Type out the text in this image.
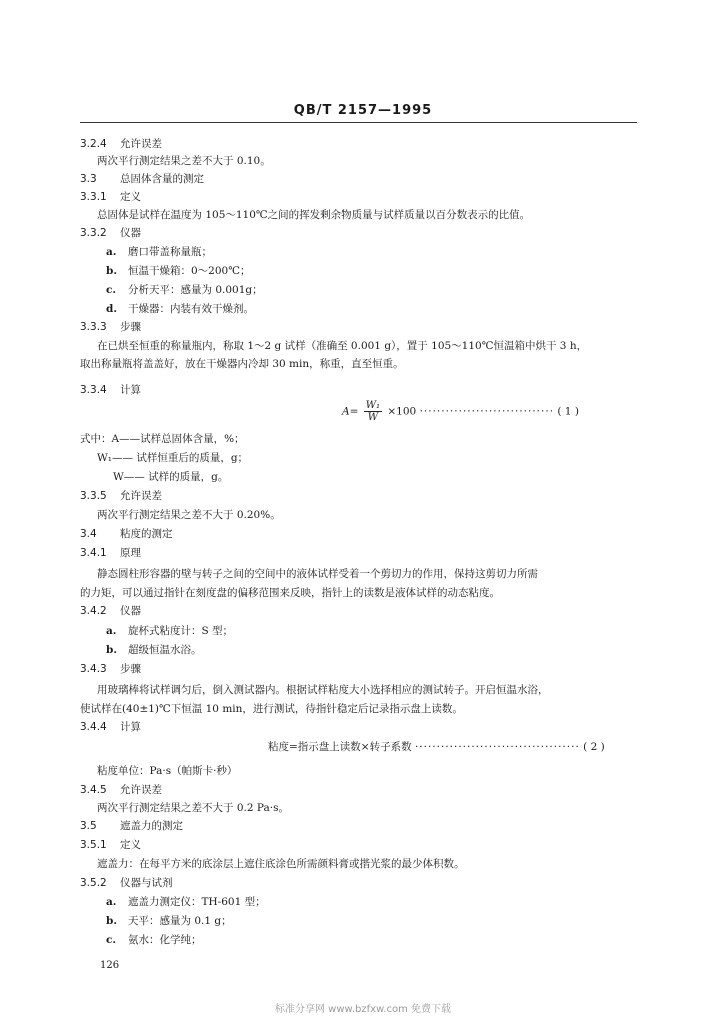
QB/T 2157—1995
3.2.4 允许误差
两次平行测定结果之差不大于 0.10。
3.3 总固体含量的测定
3.3.1 定义
总固体是试样在温度为 105～110℃之间的挥发剩余物质量与试样质量以百分数表示的比值。
3.3.2 仪器
a. 磨口带盖称量瓶；
b. 恒温干燥箱：0～200℃；
c. 分析天平：感量为 0.001g；
d. 干燥器：内装有效干燥剂。
3.3.3 步骤
在已烘至恒重的称量瓶内，称取 1～2 g 试样（准确至 0.001 g），置于 105～110℃恒温箱中烘干 3 h，
取出称量瓶将盖盖好，放在干燥器内冷却 30 min，称重，直至恒重。
3.3.4 计算
式中：A——试样总固体含量，%；
W₁—— 试样恒重后的质量，g；
W—— 试样的质量，g。
3.3.5 允许误差
两次平行测定结果之差不大于 0.20%。
3.4 粘度的测定
3.4.1 原理
静态圆柱形容器的壁与转子之间的空间中的液体试样受着一个剪切力的作用，保持这剪切力所需
的力矩，可以通过指针在刻度盘的偏移范围来反映，指针上的读数是液体试样的动态粘度。
3.4.2 仪器
a. 旋杯式粘度计：S 型；
b. 超级恒温水浴。
3.4.3 步骤
用玻璃棒将试样调匀后，倒入测试器内。根据试样粘度大小选择相应的测试转子。开启恒温水浴，
使试样在(40±1)℃下恒温 10 min，进行测试，待指针稳定后记录指示盘上读数。
3.4.4 计算
粘度单位：Pa·s（帕斯卡·秒）
3.4.5 允许误差
两次平行测定结果之差不大于 0.2 Pa·s。
3.5 遮盖力的测定
3.5.1 定义
遮盖力：在每平方米的底涂层上遮住底涂色所需颜料膏或揩光浆的最少体积数。
3.5.2 仪器与试剂
a. 遮盖力测定仪：TH-601 型；
b. 天平：感量为 0.1 g；
c. 氨水：化学纯；
$A= \frac{\text{W₁}}{W} \times 100$ ······························· ( 1 )
粘度=指示盘上读数×转子系数 ······································ ( 2 )
126
标准分享网 www.bzfxw.com 免费下载
